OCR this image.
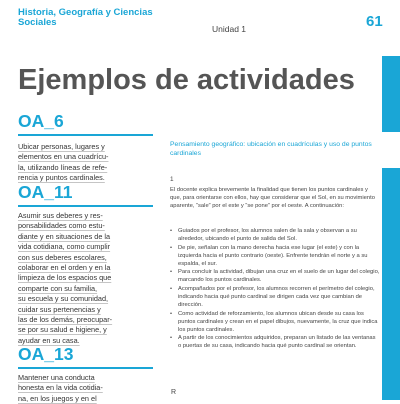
Historia, Geografía y Ciencias Sociales
Unidad 1	61
Ejemplos de actividades
OA_6

Ubicar personas, lugares y
elementos en una cuadrícu-
la, utilizando líneas de refe-
rencia y puntos cardinales.

OA_11

Asumir sus deberes y res-
ponsabilidades como estu-
diante y en situaciones de la
vida cotidiana, como cumplir
con sus deberes escolares,
colaborar en el orden y en la
limpieza de los espacios que
comparte con su familia,
su escuela y su comunidad,
cuidar sus pertenencias y
las de los demás, preocupar-
se por su salud e higiene, y
ayudar en su casa.

OA_13

Mantener una conducta
honesta en la vida cotidia-
na, en los juegos y en el

Pensamiento geográfico: ubicación en cuadrículas y uso de puntos cardinales

1

El docente explica brevemente la finalidad que tienen los puntos cardinales y que, para orientarse con ellos, hay que considerar que el Sol, en su movimiento aparente, “sale” por el este y “se pone” por el oeste. A continuación:

• Guiados por el profesor, los alumnos salen de la sala y observan a su alrededor, ubicando el punto de salida del Sol.
• De pie, señalan con la mano derecha hacia ese lugar (el este) y con la izquierda hacia el punto contrario (oeste). Enfrente tendrán el norte y a su espalda, el sur.
• Para concluir la actividad, dibujan una cruz en el suelo de un lugar del colegio, marcando los puntos cardinales.
• Acompañados por el profesor, los alumnos recorren el perímetro del colegio, indicando hacia qué punto cardinal se dirigen cada vez que cambian de dirección.
• Como actividad de reforzamiento, los alumnos ubican desde su casa los puntos cardinales y crean en el papel dibujos, nuevamente, la cruz que indica los puntos cardinales.
• A partir de los conocimientos adquiridos, preparan un listado de las ventanas o puertas de su casa, indicando hacia qué punto cardinal se orientan.
R
